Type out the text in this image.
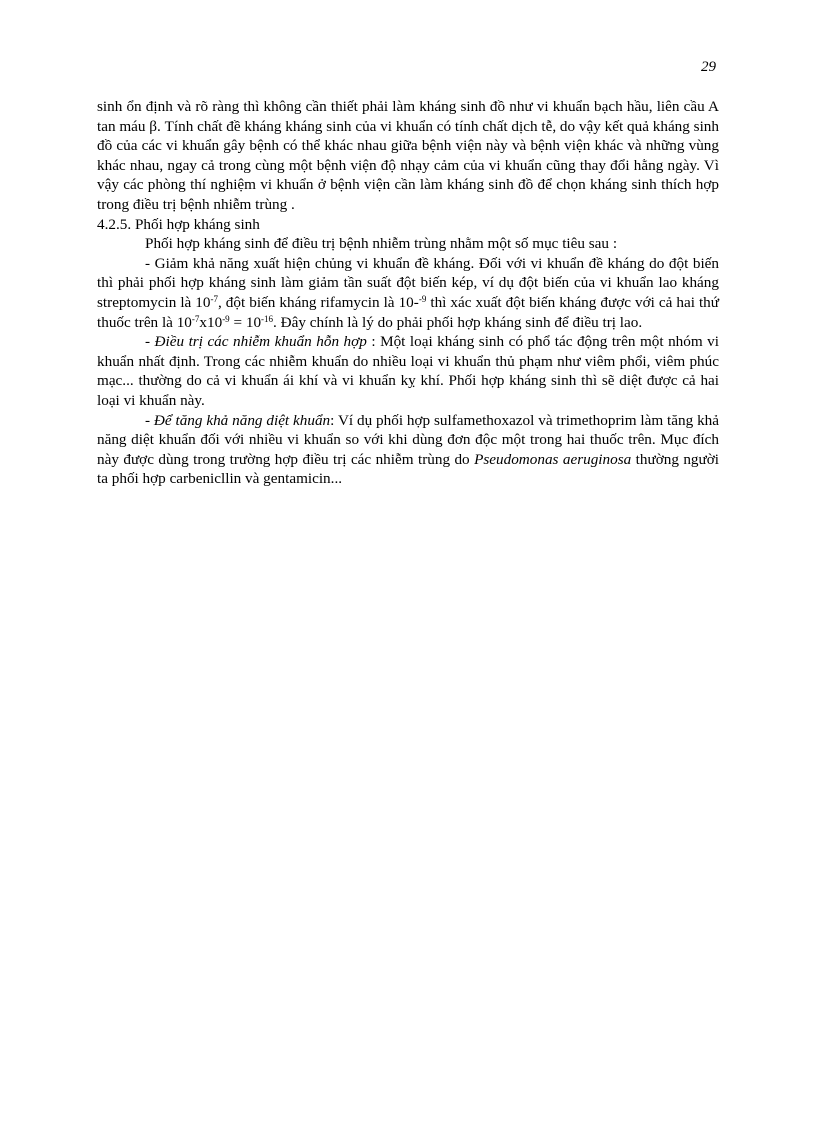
29

sinh ổn định và rõ ràng thì không cần thiết phải làm kháng sinh đồ như vi khuẩn bạch hầu, liên cầu A tan máu β. Tính chất đề kháng kháng sinh của vi khuẩn có tính chất dịch tễ, do vậy kết quả kháng sinh đồ của các vi khuẩn gây bệnh có thể khác nhau giữa bệnh viện này và bệnh viện khác và những vùng khác nhau, ngay cả trong cùng một bệnh viện độ nhạy cảm của vi khuẩn cũng thay đổi hằng ngày. Vì vậy các phòng thí nghiệm vi khuẩn ở bệnh viện cần làm kháng sinh đồ để chọn kháng sinh thích hợp trong điều trị bệnh nhiễm trùng .

4.2.5. Phối hợp kháng sinh

Phối hợp kháng sinh để điều trị bệnh nhiễm trùng nhằm một số mục tiêu sau :

- Giảm khả năng xuất hiện chủng vi khuẩn đề kháng. Đối với vi khuẩn đề kháng do đột biến thì phải phối hợp kháng sinh làm giảm tần suất đột biến kép, ví dụ đột biến của vi khuẩn lao kháng streptomycin là $10^{-7}$, đột biến kháng rifamycin là 10-$^{-9}$ thì xác xuất đột biến kháng được với cả hai thứ thuốc trên là $10^{-7}x10^{-9} = 10^{-16}$. Đây chính là lý do phải phối hợp kháng sinh để điều trị lao.

- Điều trị các nhiễm khuẩn hỗn hợp : Một loại kháng sinh có phổ tác động trên một nhóm vi khuẩn nhất định. Trong các nhiễm khuẩn do nhiều loại vi khuẩn thủ phạm như viêm phổi, viêm phúc mạc... thường do cả vi khuẩn ái khí và vi khuẩn kỵ khí. Phối hợp kháng sinh thì sẽ diệt được cả hai loại vi khuẩn này.

- Để tăng khả năng diệt khuẩn: Ví dụ phối hợp sulfamethoxazol và trimethoprim làm tăng khả năng diệt khuẩn đối với nhiều vi khuẩn so với khi dùng đơn độc một trong hai thuốc trên. Mục đích này được dùng trong trường hợp điều trị các nhiễm trùng do Pseudomonas aeruginosa thường người ta phối hợp carbenicllin và gentamicin...
